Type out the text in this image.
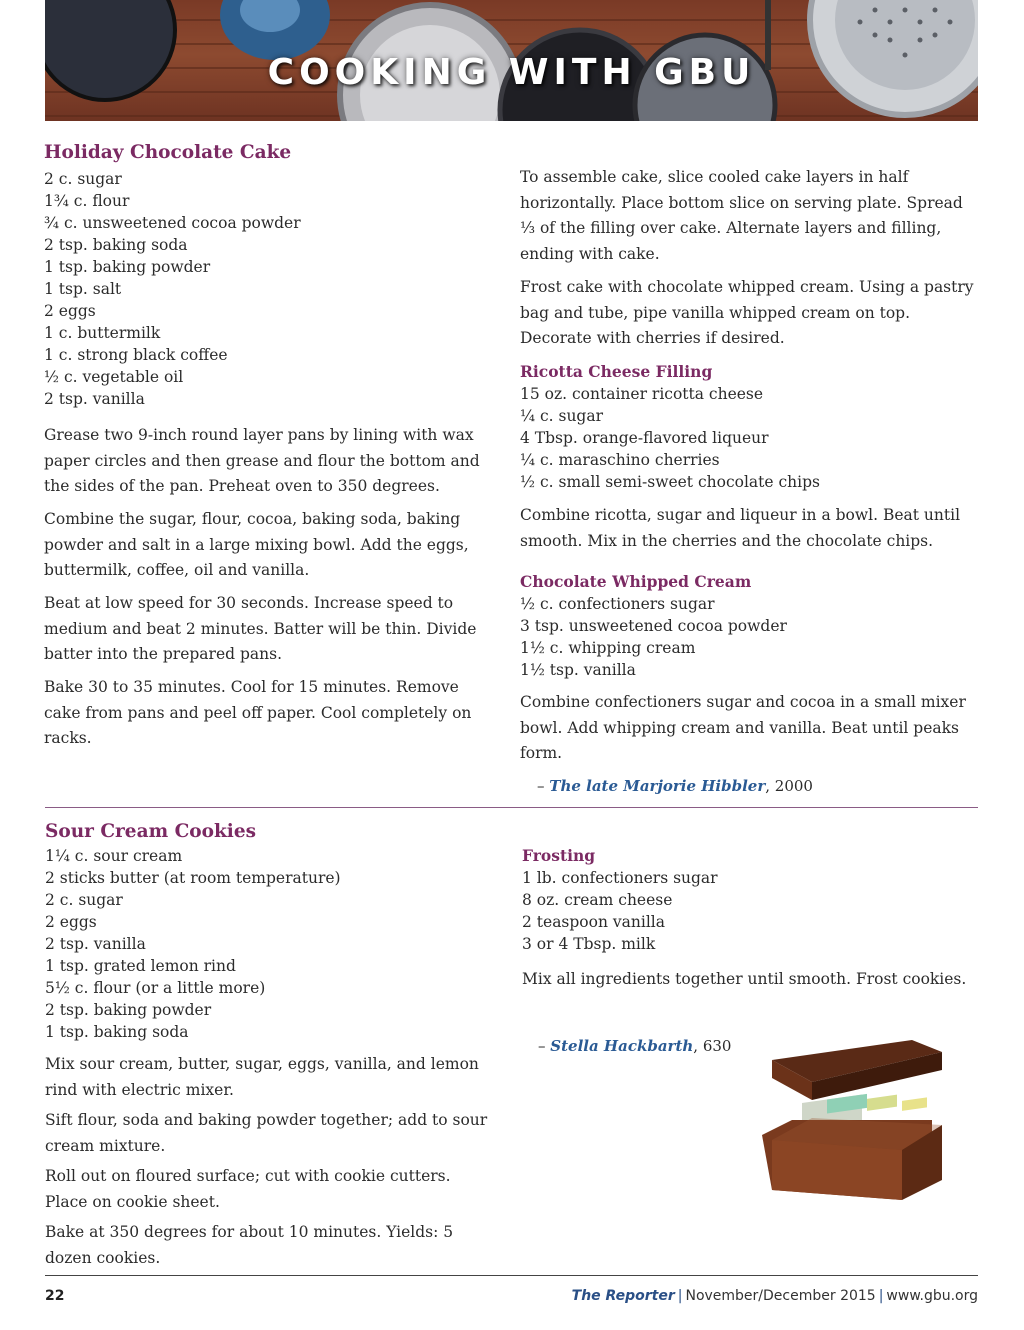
COOKING WITH GBU
Holiday Chocolate Cake
2 c. sugar
1¾ c. flour
¾ c. unsweetened cocoa powder
2 tsp. baking soda
1 tsp. baking powder
1 tsp. salt
2 eggs
1 c. buttermilk
1 c. strong black coffee
½ c. vegetable oil
2 tsp. vanilla

Grease two 9-inch round layer pans by lining with wax paper circles and then grease and flour the bottom and the sides of the pan. Preheat oven to 350 degrees.

Combine the sugar, flour, cocoa, baking soda, baking powder and salt in a large mixing bowl. Add the eggs, buttermilk, coffee, oil and vanilla.

Beat at low speed for 30 seconds. Increase speed to medium and beat 2 minutes. Batter will be thin. Divide batter into the prepared pans.

Bake 30 to 35 minutes. Cool for 15 minutes. Remove cake from pans and peel off paper. Cool completely on racks.

To assemble cake, slice cooled cake layers in half horizontally. Place bottom slice on serving plate. Spread ⅓ of the filling over cake. Alternate layers and filling, ending with cake.

Frost cake with chocolate whipped cream. Using a pastry bag and tube, pipe vanilla whipped cream on top. Decorate with cherries if desired.

Ricotta Cheese Filling
15 oz. container ricotta cheese
¼ c. sugar
4 Tbsp. orange-flavored liqueur
¼ c. maraschino cherries
½ c. small semi-sweet chocolate chips

Combine ricotta, sugar and liqueur in a bowl. Beat until smooth. Mix in the cherries and the chocolate chips.

Chocolate Whipped Cream
½ c. confectioners sugar
3 tsp. unsweetened cocoa powder
1½ c. whipping cream
1½ tsp. vanilla

Combine confectioners sugar and cocoa in a small mixer bowl. Add whipping cream and vanilla. Beat until peaks form.

– The late Marjorie Hibbler, 2000
Sour Cream Cookies
1¼ c. sour cream
2 sticks butter (at room temperature)
2 c. sugar
2 eggs
2 tsp. vanilla
1 tsp. grated lemon rind
5½ c. flour (or a little more)
2 tsp. baking powder
1 tsp. baking soda

Mix sour cream, butter, sugar, eggs, vanilla, and lemon rind with electric mixer.

Sift flour, soda and baking powder together; add to sour cream mixture.

Roll out on floured surface; cut with cookie cutters. Place on cookie sheet.

Bake at 350 degrees for about 10 minutes. Yields: 5 dozen cookies.

Frosting
1 lb. confectioners sugar
8 oz. cream cheese
2 teaspoon vanilla
3 or 4 Tbsp. milk

Mix all ingredients together until smooth. Frost cookies.

– Stella Hackbarth, 630
22	The Reporter | November/December 2015 | www.gbu.org
